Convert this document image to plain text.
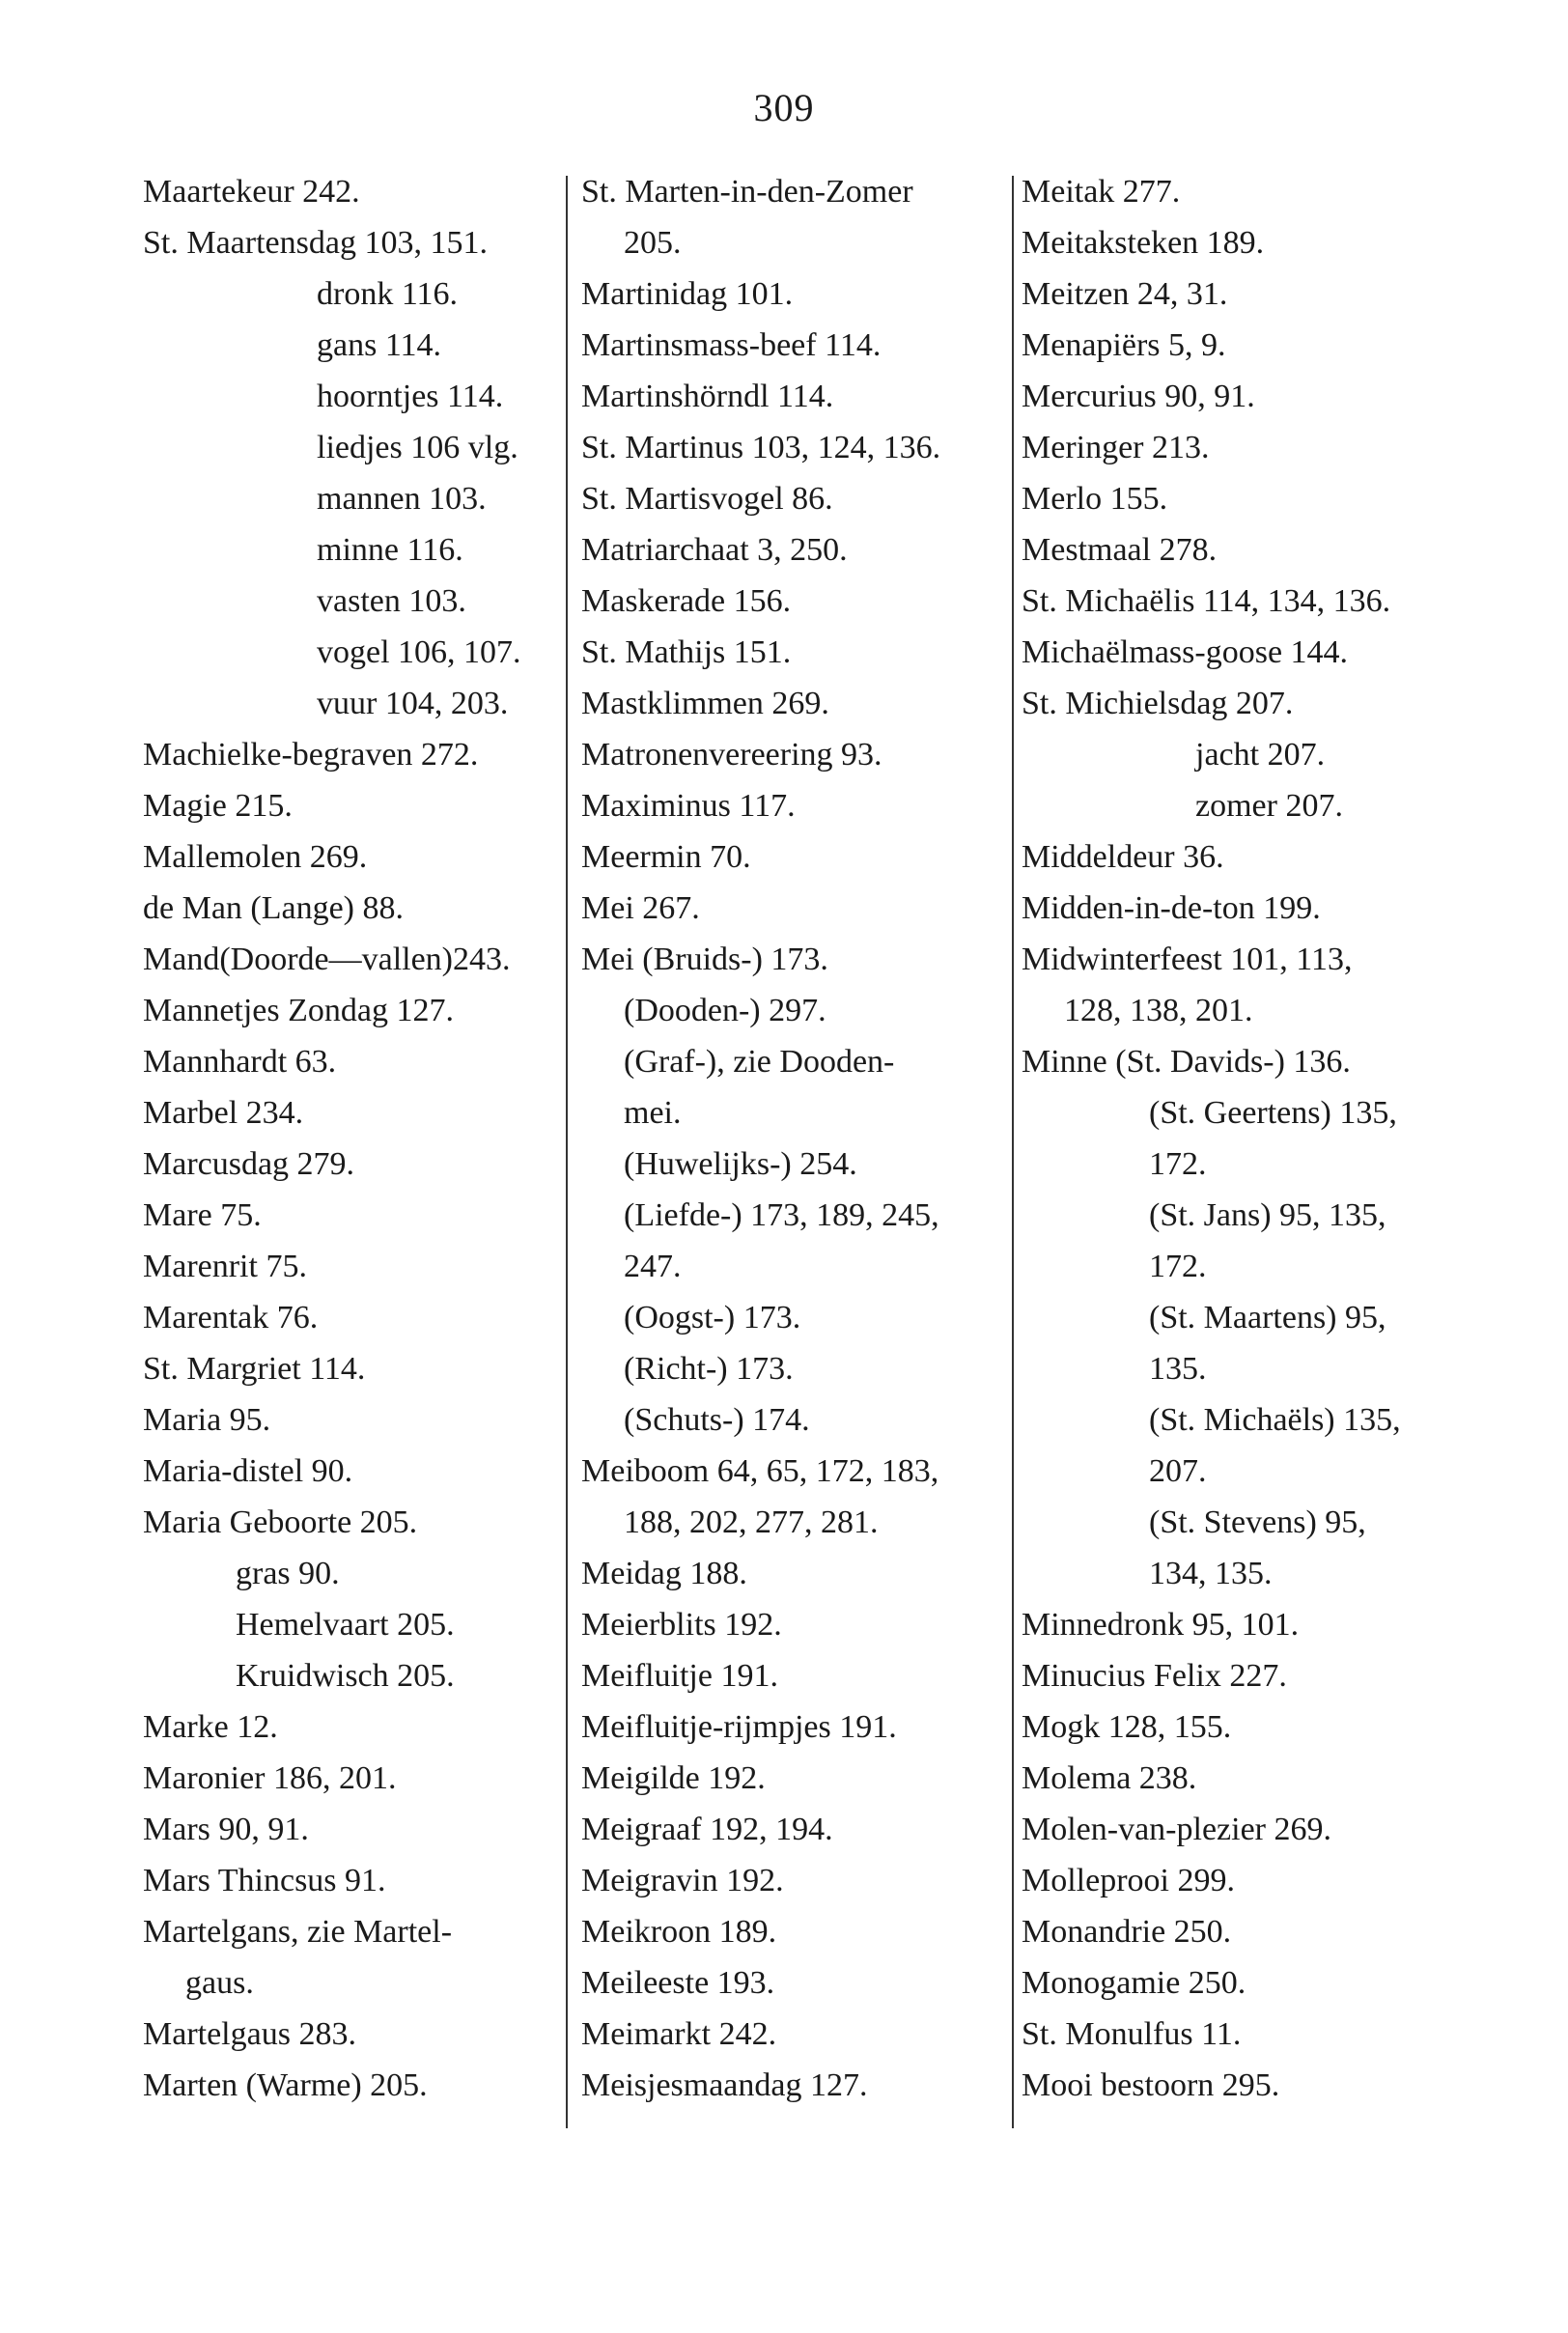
309
Maartekeur 242.
St. Maartensdag 103, 151.
dronk 116.
gans 114.
hoorntjes 114.
liedjes 106 vlg.
mannen 103.
minne 116.
vasten 103.
vogel 106, 107.
vuur 104, 203.
Machielke-begraven 272.
Magie 215.
Mallemolen 269.
de Man (Lange) 88.
Mand(Doorde—vallen)243.
Mannetjes Zondag 127.
Mannhardt 63.
Marbel 234.
Marcusdag 279.
Mare 75.
Marenrit 75.
Marentak 76.
St. Margriet 114.
Maria 95.
Maria-distel 90.
Maria Geboorte 205.
gras 90.
Hemelvaart 205.
Kruidwisch 205.
Marke 12.
Maronier 186, 201.
Mars 90, 91.
Mars Thincsus 91.
Martelgans, zie Martel-
gaus.
Martelgaus 283.
Marten (Warme) 205.
St. Marten-in-den-Zomer
205.
Martinidag 101.
Martinsmass-beef 114.
Martinshörndl 114.
St. Martinus 103, 124, 136.
St. Martisvogel 86.
Matriarchaat 3, 250.
Maskerade 156.
St. Mathijs 151.
Mastklimmen 269.
Matronenvereering 93.
Maximinus 117.
Meermin 70.
Mei 267.
Mei (Bruids-) 173.
(Dooden-) 297.
(Graf-), zie Dooden-
mei.
(Huwelijks-) 254.
(Liefde-) 173, 189, 245,
247.
(Oogst-) 173.
(Richt-) 173.
(Schuts-) 174.
Meiboom 64, 65, 172, 183,
188, 202, 277, 281.
Meidag 188.
Meierblits 192.
Meifluitje 191.
Meifluitje-rijmpjes 191.
Meigilde 192.
Meigraaf 192, 194.
Meigravin 192.
Meikroon 189.
Meileeste 193.
Meimarkt 242.
Meisjesmaandag 127.
Meitak 277.
Meitaksteken 189.
Meitzen 24, 31.
Menapiërs 5, 9.
Mercurius 90, 91.
Meringer 213.
Merlo 155.
Mestmaal 278.
St. Michaëlis 114, 134, 136.
Michaëlmass-goose 144.
St. Michielsdag 207.
jacht 207.
zomer 207.
Middeldeur 36.
Midden-in-de-ton 199.
Midwinterfeest 101, 113,
128, 138, 201.
Minne (St. Davids-) 136.
(St. Geertens) 135,
172.
(St. Jans) 95, 135,
172.
(St. Maartens) 95,
135.
(St. Michaëls) 135,
207.
(St. Stevens) 95,
134, 135.
Minnedronk 95, 101.
Minucius Felix 227.
Mogk 128, 155.
Molema 238.
Molen-van-plezier 269.
Molleprooi 299.
Monandrie 250.
Monogamie 250.
St. Monulfus 11.
Mooi bestoorn 295.
